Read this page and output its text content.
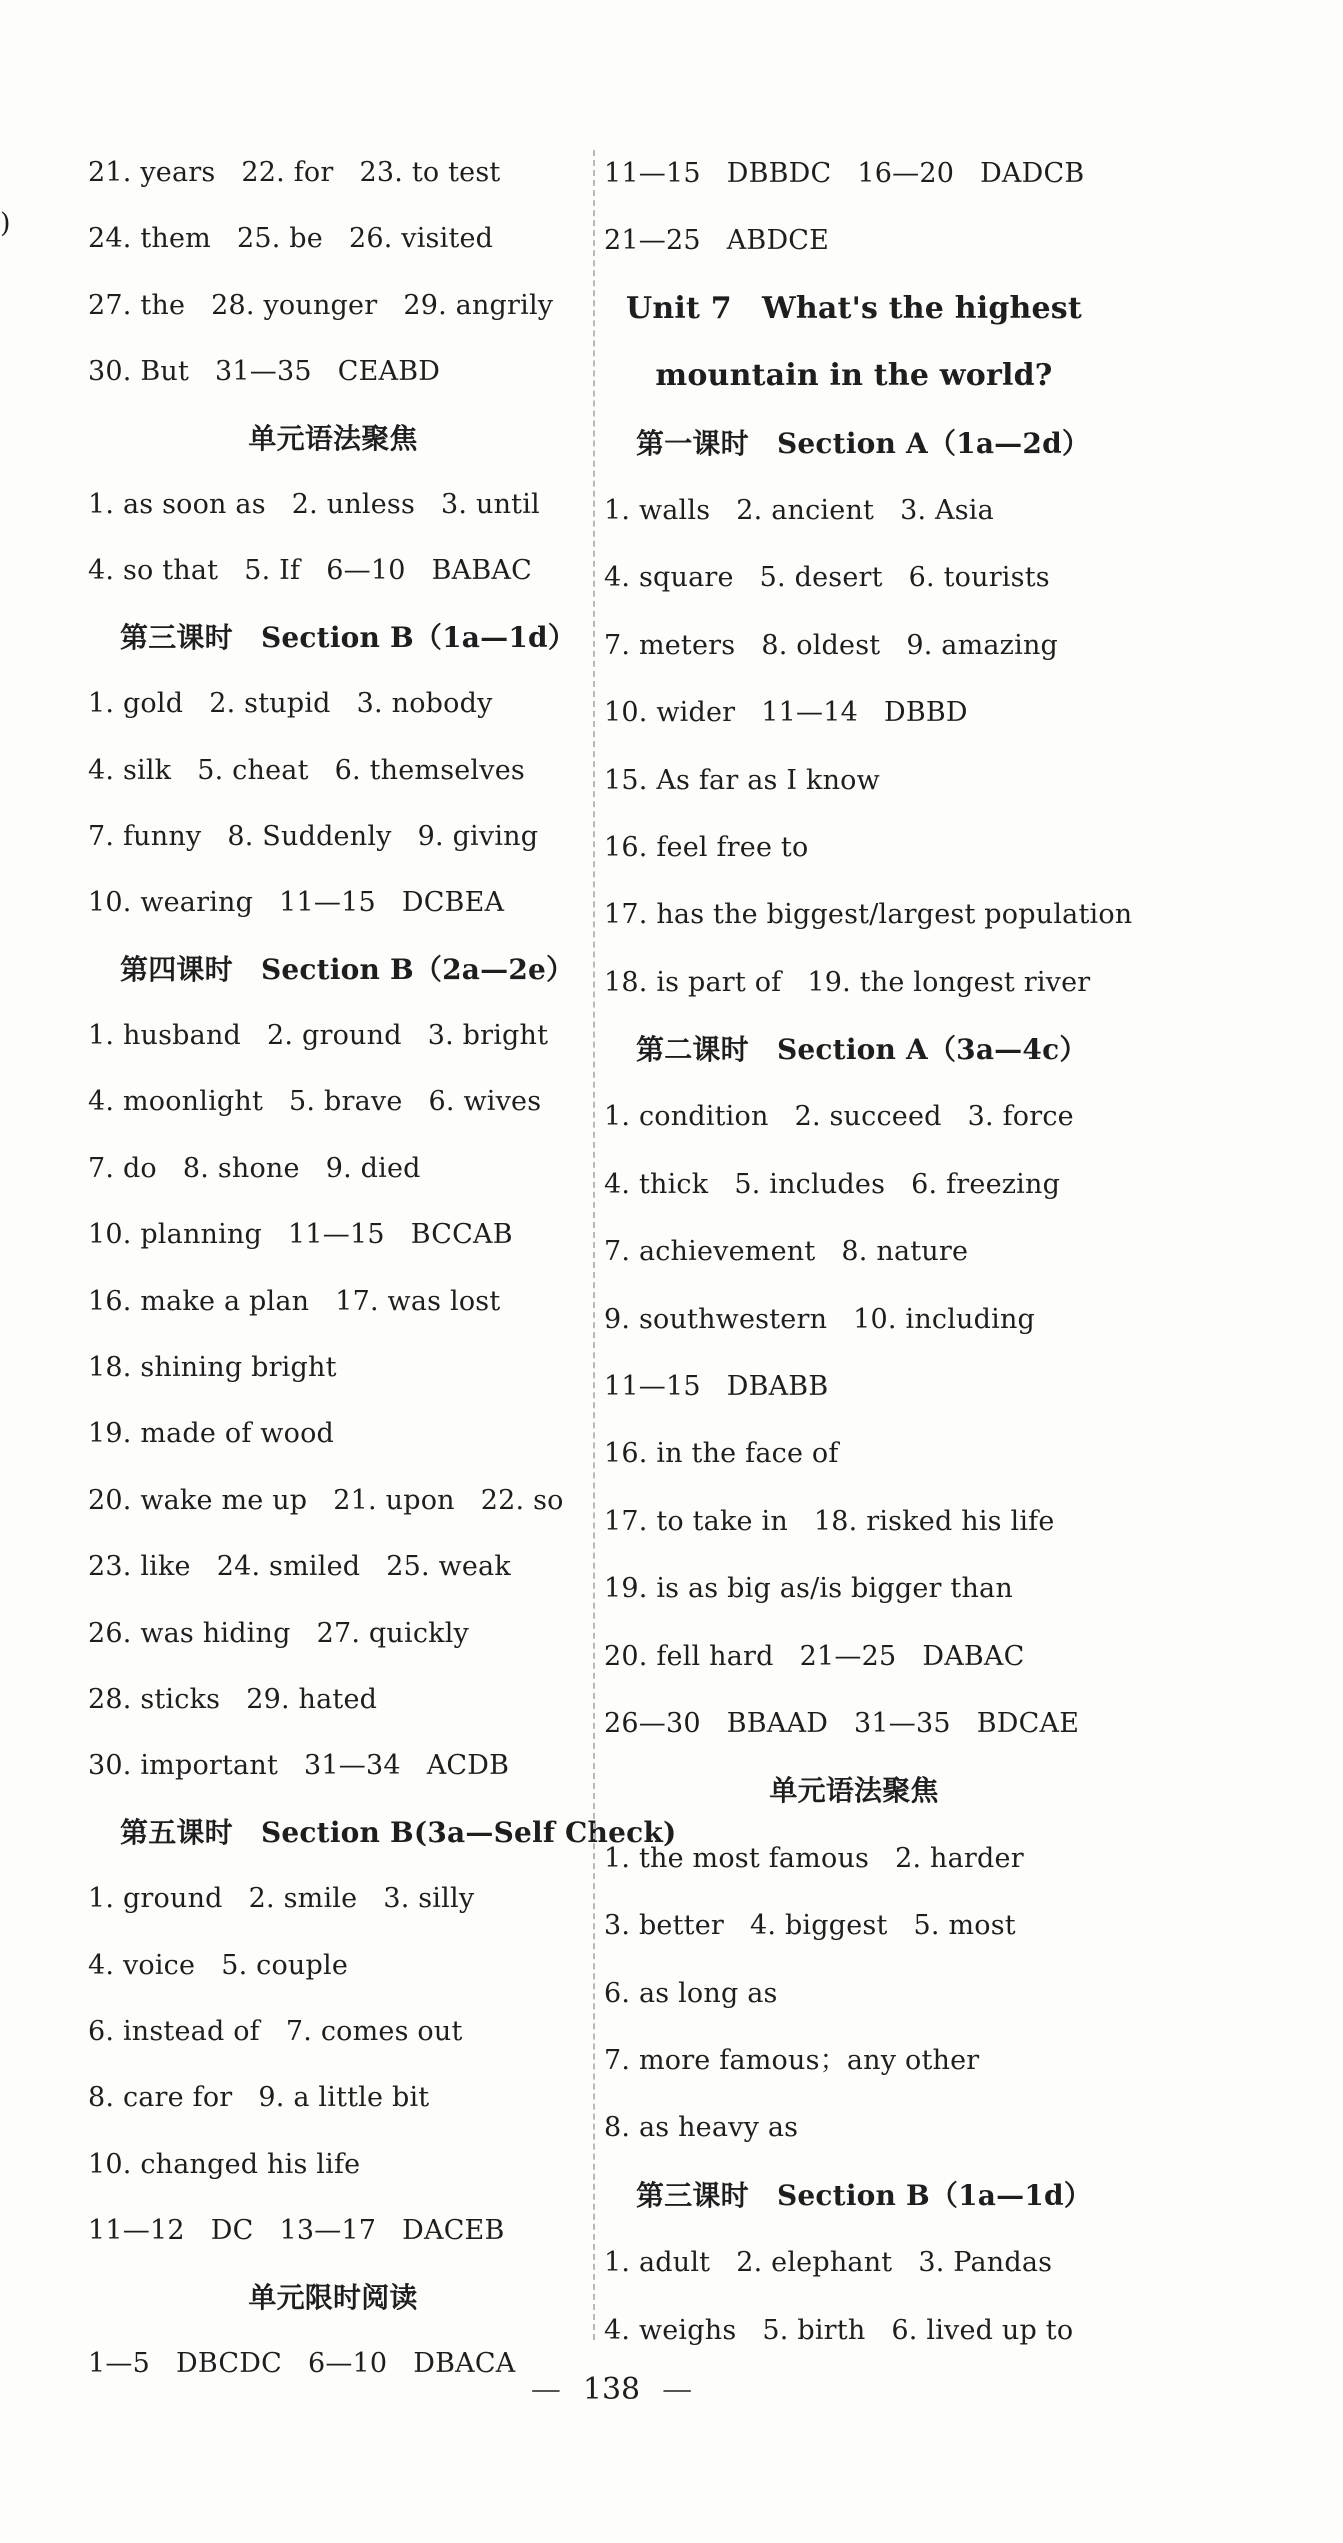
)
21. years 22. for 23. to test
24. them 25. be 26. visited
27. the 28. younger 29. angrily
30. But 31—35 CEABD
单元语法聚焦
1. as soon as 2. unless 3. until
4. so that 5. If 6—10 BABAC
第三课时　Section B（1a—1d）
1. gold 2. stupid 3. nobody
4. silk 5. cheat 6. themselves
7. funny 8. Suddenly 9. giving
10. wearing 11—15 DCBEA
第四课时　Section B（2a—2e）
1. husband 2. ground 3. bright
4. moonlight 5. brave 6. wives
7. do 8. shone 9. died
10. planning 11—15 BCCAB
16. make a plan 17. was lost
18. shining bright
19. made of wood
20. wake me up 21. upon 22. so
23. like 24. smiled 25. weak
26. was hiding 27. quickly
28. sticks 29. hated
30. important 31—34 ACDB
第五课时　Section B(3a—Self Check)
1. ground 2. smile 3. silly
4. voice 5. couple
6. instead of 7. comes out
8. care for 9. a little bit
10. changed his life
11—12 DC 13—17 DACEB
单元限时阅读
1—5 DBCDC 6—10 DBACA
11—15 DBBDC 16—20 DADCB
21—25 ABDCE
Unit 7　What's the highest
mountain in the world?
第一课时　Section A（1a—2d）
1. walls 2. ancient 3. Asia
4. square 5. desert 6. tourists
7. meters 8. oldest 9. amazing
10. wider 11—14 DBBD
15. As far as I know
16. feel free to
17. has the biggest/largest population
18. is part of 19. the longest river
第二课时　Section A（3a—4c）
1. condition 2. succeed 3. force
4. thick 5. includes 6. freezing
7. achievement 8. nature
9. southwestern 10. including
11—15 DBABB
16. in the face of
17. to take in 18. risked his life
19. is as big as/is bigger than
20. fell hard 21—25 DABAC
26—30 BBAAD 31—35 BDCAE
单元语法聚焦
1. the most famous 2. harder
3. better 4. biggest 5. most
6. as long as
7. more famous；any other
8. as heavy as
第三课时　Section B（1a—1d）
1. adult 2. elephant 3. Pandas
4. weighs 5. birth 6. lived up to
— 138 —
